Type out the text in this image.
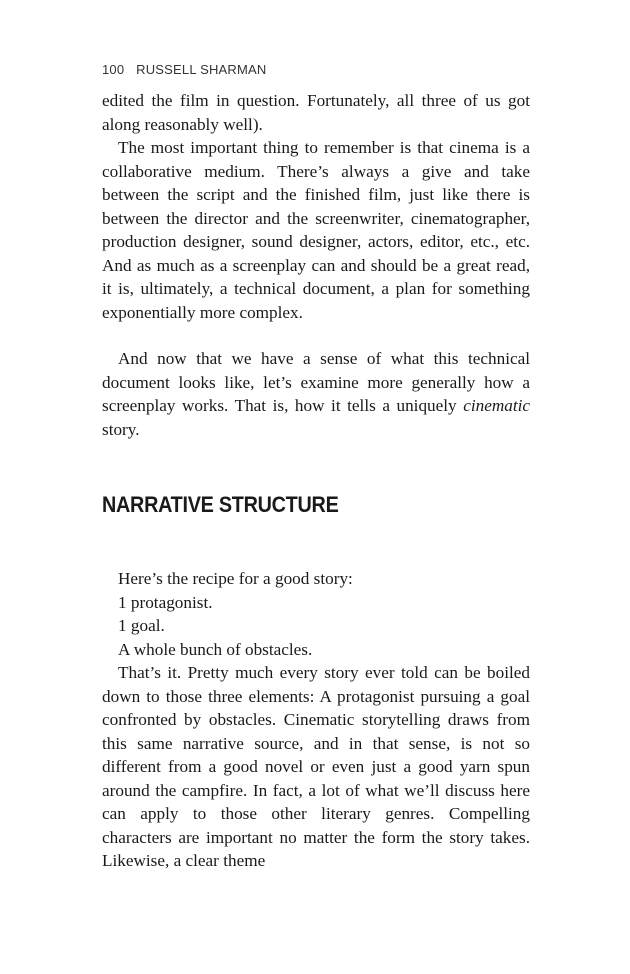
100 RUSSELL SHARMAN

edited the film in question. Fortunately, all three of us got along reasonably well).

The most important thing to remember is that cinema is a collaborative medium. There’s always a give and take between the script and the finished film, just like there is between the director and the screenwriter, cinematographer, production designer, sound designer, actors, editor, etc., etc. And as much as a screenplay can and should be a great read, it is, ultimately, a technical document, a plan for something exponentially more complex.

And now that we have a sense of what this technical document looks like, let’s examine more generally how a screenplay works. That is, how it tells a uniquely cinematic story.

NARRATIVE STRUCTURE
Here’s the recipe for a good story:
1 protagonist.
1 goal.
A whole bunch of obstacles.

That’s it. Pretty much every story ever told can be boiled down to those three elements: A protagonist pursuing a goal confronted by obstacles. Cinematic storytelling draws from this same narrative source, and in that sense, is not so different from a good novel or even just a good yarn spun around the campfire. In fact, a lot of what we’ll discuss here can apply to those other literary genres. Compelling characters are important no matter the form the story takes. Likewise, a clear theme
